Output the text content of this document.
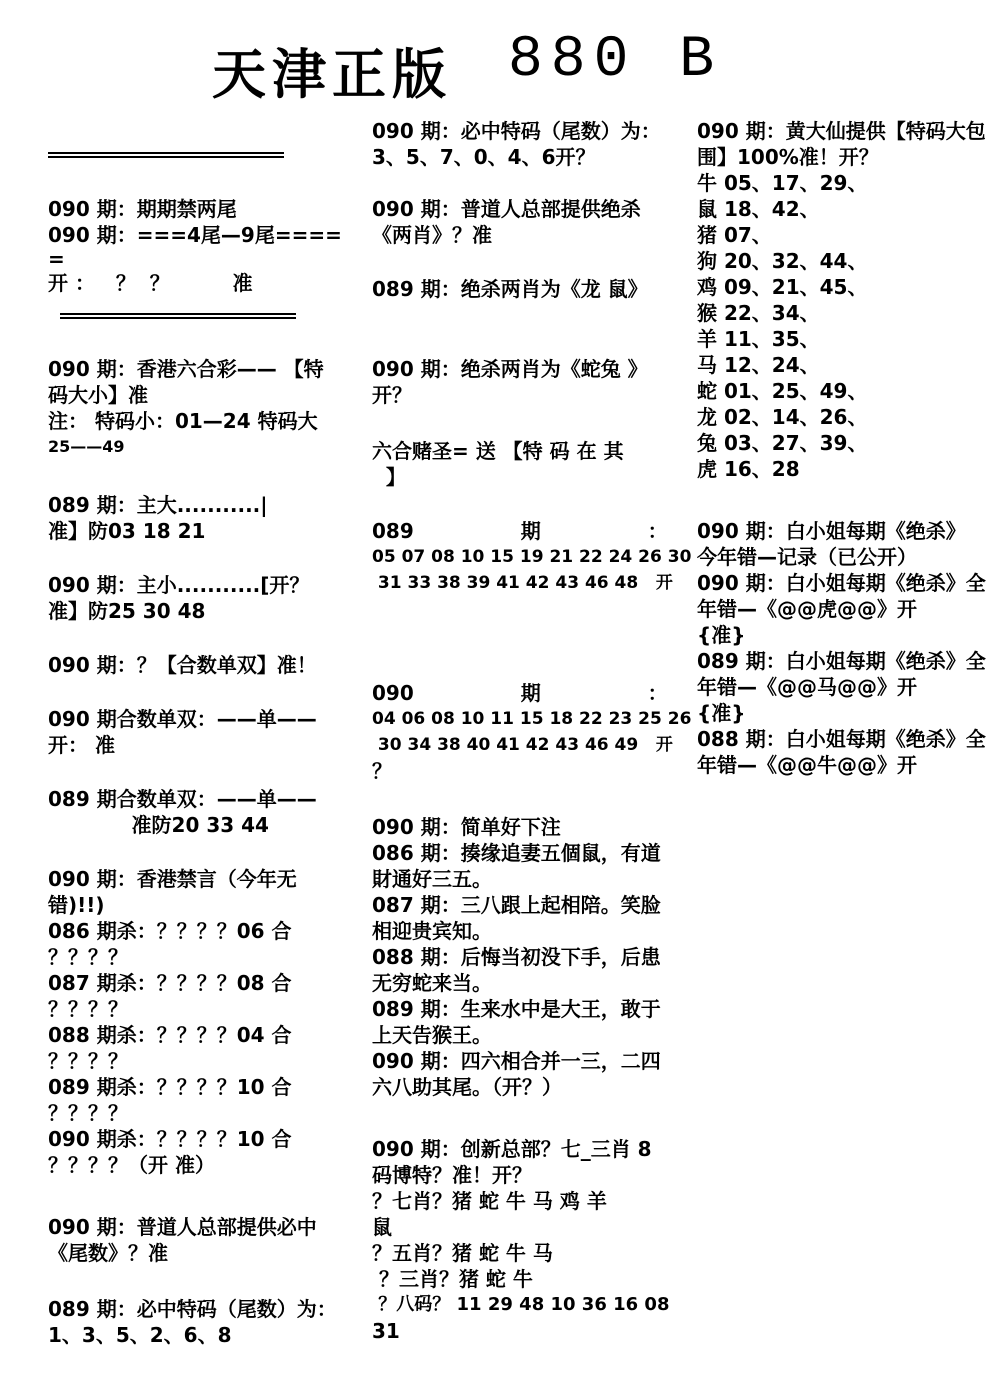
天津正版 880 B
090 期：期期禁两尾
090 期：===4尾—9尾====
=
开 ：   ？  ？         准
090 期：香港六合彩—— 【特
码大小】准
注： 特码小：01—24 特码大
25——49
089 期：主大...........|
准】防03 18 21
090 期：主小...........[开？
准】防25 30 48
090 期：？【合数单双】准！
090 期合数单双：——单——
开： 准
089 期合数单双：——单——
准防20 33 44
090 期：香港禁言（今年无
错)!!)
086 期杀：？？？？06 合
？？？？
087 期杀：？？？？08 合
？？？？
088 期杀：？？？？04 合
？？？？
089 期杀：？？？？10 合
？？？？
090 期杀：？？？？10 合
？？？？（开 准）
090 期：普道人总部提供必中
《尾数》？准
089 期：必中特码（尾数）为：
1、3、5、2、6、8
090 期：必中特码（尾数）为：
3、5、7、0、4、6开？
090 期：普道人总部提供绝杀
《两肖》？准
089 期：绝杀两肖为《龙 鼠》
090 期：绝杀两肖为《蛇兔 》
开？
六合赌圣= 送 【特 码 在 其
】
089 期 ：
05 07 08 10 15 19 21 22 24 26 30
31 33 38 39 41 42 43 46 48   开
090 期 ：
04 06 08 10 11 15 18 22 23 25 26
30 34 38 40 41 42 43 46 49   开
？
090 期：简单好下注
086 期：揍缘追妻五個鼠，有道
財通好三五。
087 期：三八跟上起相陪。笑脸
相迎贵宾知。
088 期：后悔当初没下手，后患
无穷蛇来当。
089 期：生来水中是大王，敢于
上天告猴王。
090 期：四六相合并一三，二四
六八助其尾。（开？）
090 期：创新总部？七_三肖 8
码博特？准！开？
？七肖？猪 蛇 牛 马 鸡 羊
鼠
？五肖？猪 蛇 牛 马
？三肖？猪 蛇 牛
？八码？ 11 29 48 10 36 16 08
31
090 期：黄大仙提供【特码大包
围】100%准！开？
牛 05、17、29、
鼠 18、42、
猪 07、
狗 20、32、44、
鸡 09、21、45、
猴 22、34、
羊 11、35、
马 12、24、
蛇 01、25、49、
龙 02、14、26、
兔 03、27、39、
虎 16、28
090 期：白小姐每期《绝杀》
今年错—记录（已公开）
090 期：白小姐每期《绝杀》全
年错—《@@虎@@》开
{准}
089 期：白小姐每期《绝杀》全
年错—《@@马@@》开
{准}
088 期：白小姐每期《绝杀》全
年错—《@@牛@@》开
